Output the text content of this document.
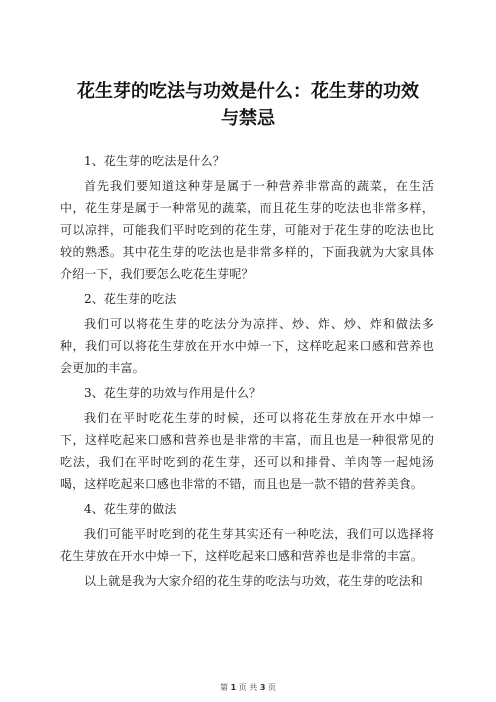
花生芽的吃法与功效是什么：花生芽的功效
与禁忌

1、花生芽的吃法是什么？

首先我们要知道这种芽是属于一种营养非常高的蔬菜，在生活中，花生芽是属于一种常见的蔬菜，而且花生芽的吃法也非常多样，可以凉拌，可能我们平时吃到的花生芽，可能对于花生芽的吃法也比较的熟悉。其中花生芽的吃法也是非常多样的，下面我就为大家具体介绍一下，我们要怎么吃花生芽呢？

2、花生芽的吃法

我们可以将花生芽的吃法分为凉拌、炒、炸、炒、炸和做法多种，我们可以将花生芽放在开水中焯一下，这样吃起来口感和营养也会更加的丰富。

3、花生芽的功效与作用是什么？

我们在平时吃花生芽的时候，还可以将花生芽放在开水中焯一下，这样吃起来口感和营养也是非常的丰富，而且也是一种很常见的吃法，我们在平时吃到的花生芽，还可以和排骨、羊肉等一起炖汤喝，这样吃起来口感也非常的不错，而且也是一款不错的营养美食。

4、花生芽的做法

我们可能平时吃到的花生芽其实还有一种吃法，我们可以选择将花生芽放在开水中焯一下，这样吃起来口感和营养也是非常的丰富。

以上就是我为大家介绍的花生芽的吃法与功效，花生芽的吃法和

第 1 页 共 3 页
